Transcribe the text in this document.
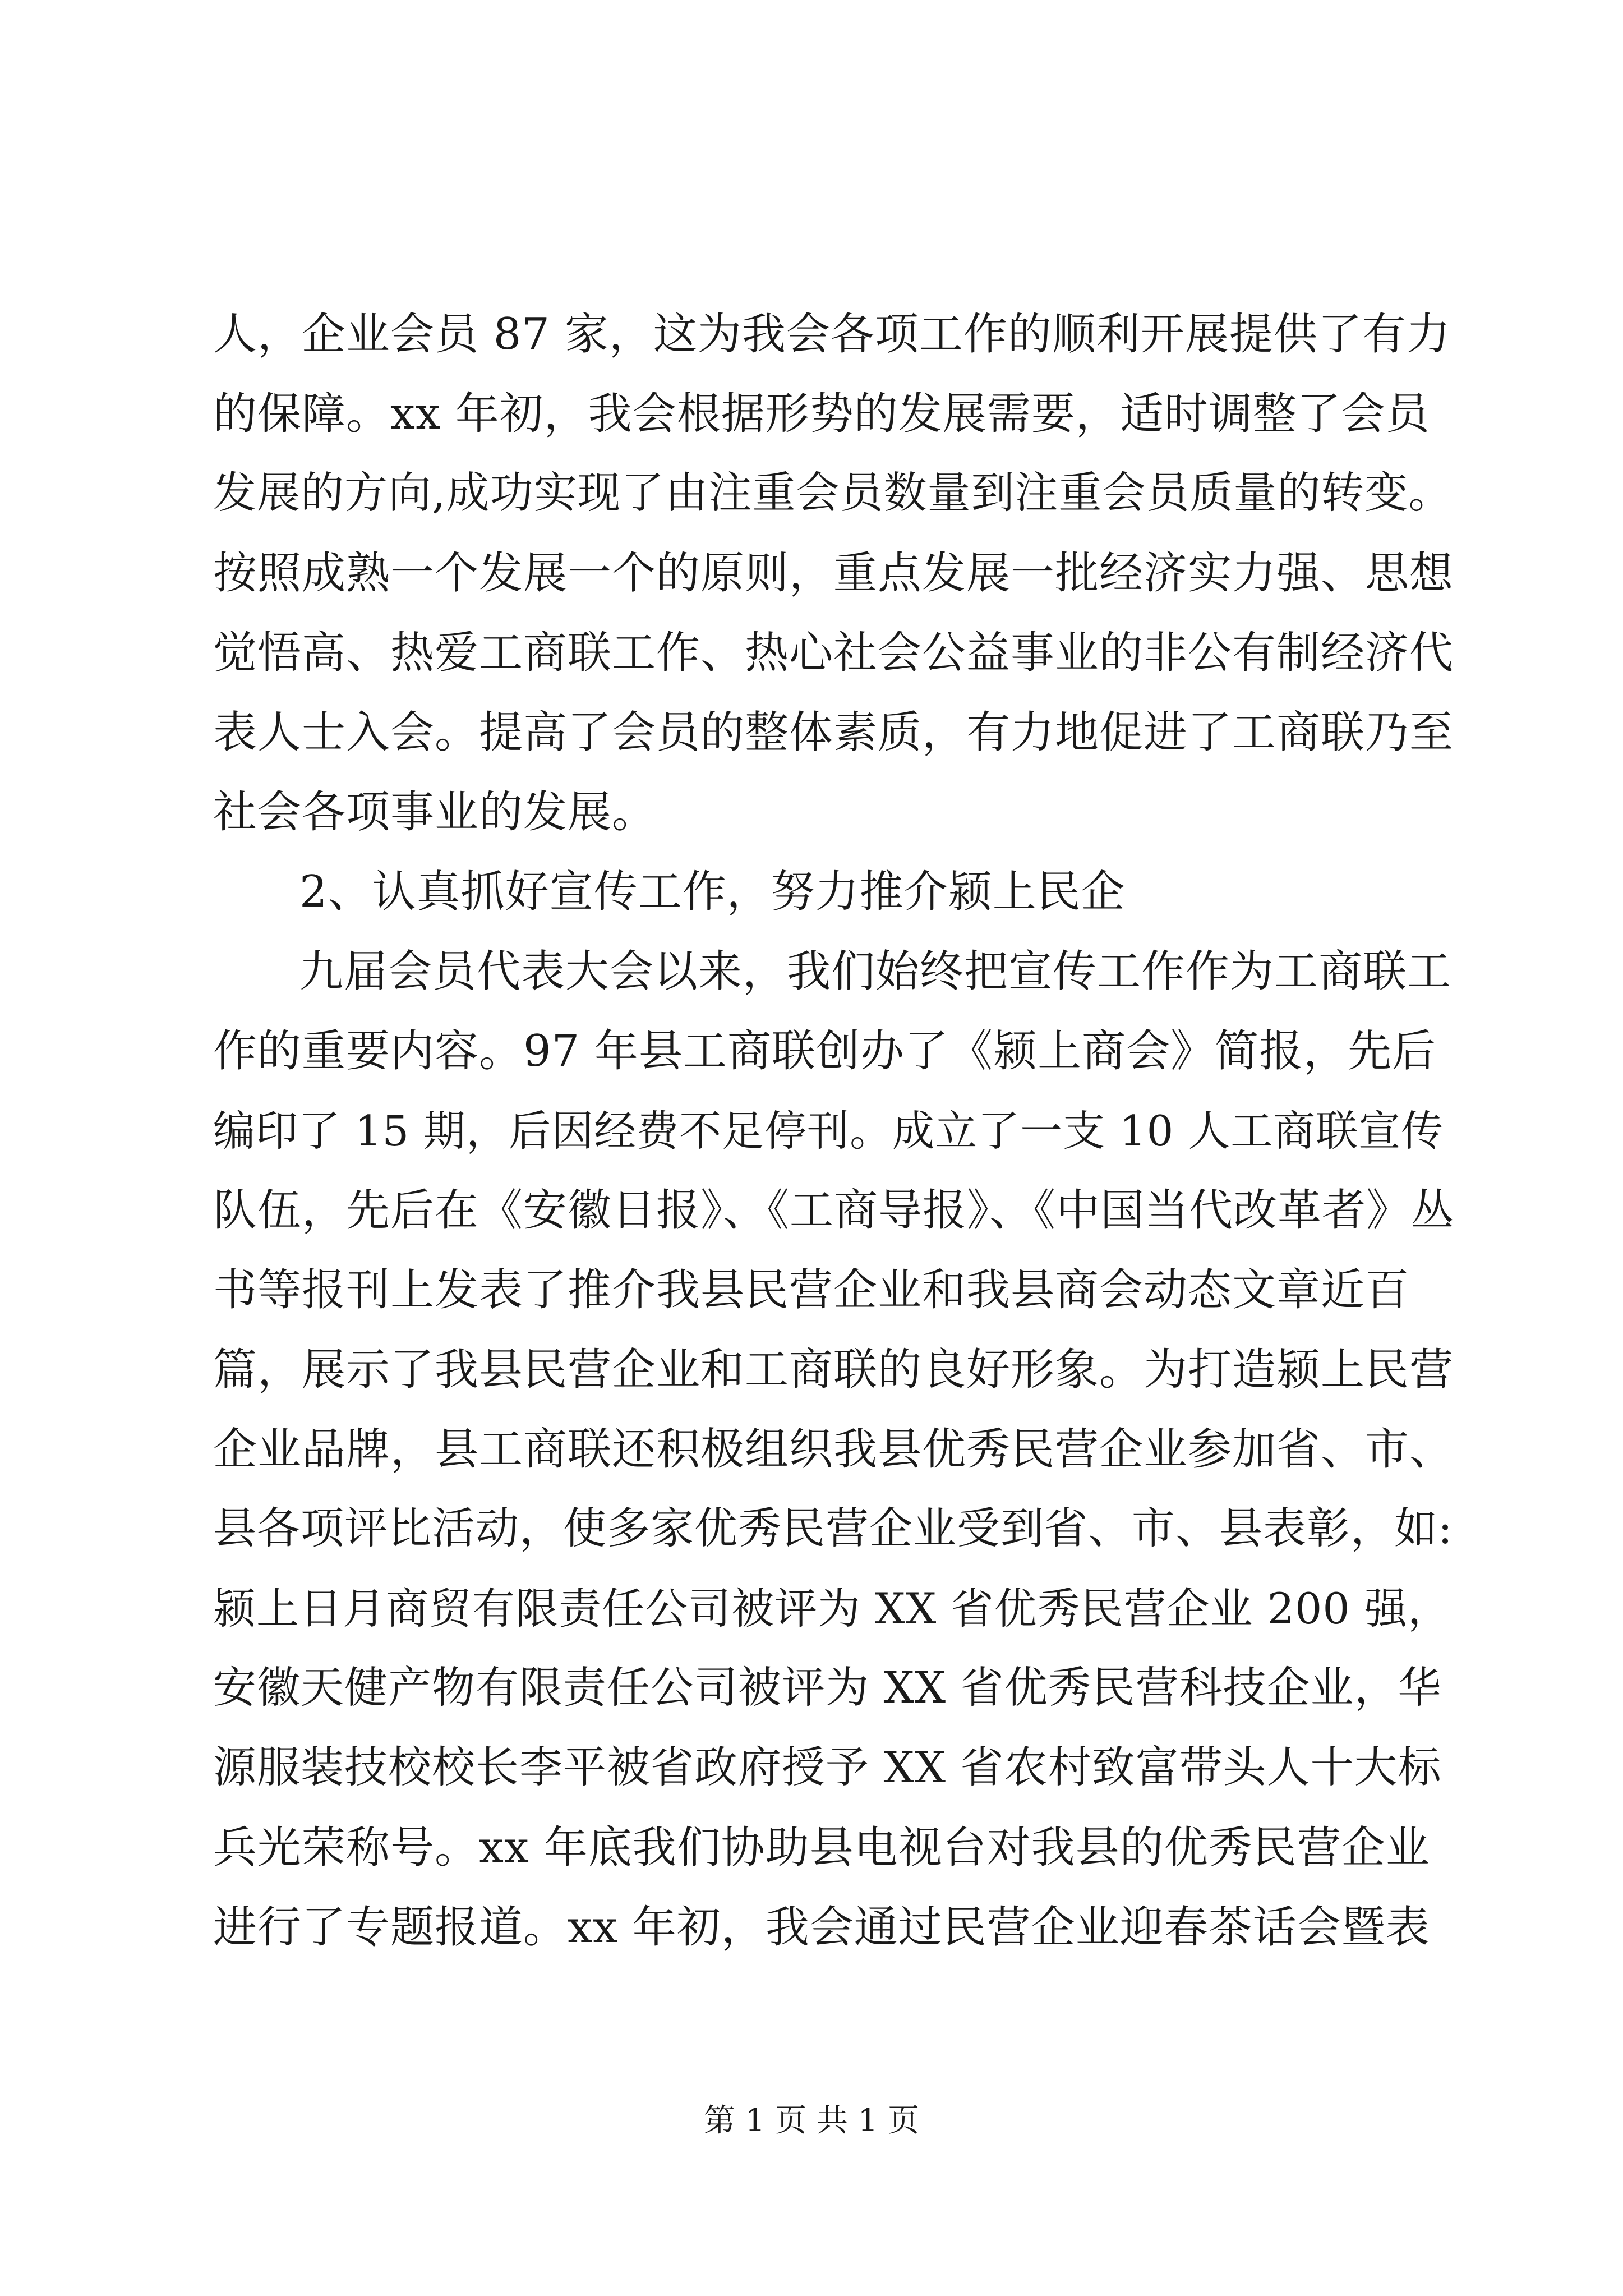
人，企业会员 87 家，这为我会各项工作的顺利开展提供了有力
的保障。xx 年初，我会根据形势的发展需要，适时调整了会员
发展的方向,成功实现了由注重会员数量到注重会员质量的转变。
按照成熟一个发展一个的原则，重点发展一批经济实力强、思想
觉悟高、热爱工商联工作、热心社会公益事业的非公有制经济代
表人士入会。提高了会员的整体素质，有力地促进了工商联乃至
社会各项事业的发展。
2、认真抓好宣传工作，努力推介颍上民企
九届会员代表大会以来，我们始终把宣传工作作为工商联工
作的重要内容。97 年县工商联创办了《颍上商会》简报，先后
编印了 15 期，后因经费不足停刊。成立了一支 10 人工商联宣传
队伍，先后在《安徽日报》、《工商导报》、《中国当代改革者》丛
书等报刊上发表了推介我县民营企业和我县商会动态文章近百
篇，展示了我县民营企业和工商联的良好形象。为打造颍上民营
企业品牌，县工商联还积极组织我县优秀民营企业参加省、市、
县各项评比活动，使多家优秀民营企业受到省、市、县表彰，如:
颍上日月商贸有限责任公司被评为 XX 省优秀民营企业 200 强，
安徽天健产物有限责任公司被评为 XX 省优秀民营科技企业，华
源服装技校校长李平被省政府授予 XX 省农村致富带头人十大标
兵光荣称号。xx 年底我们协助县电视台对我县的优秀民营企业
进行了专题报道。xx 年初，我会通过民营企业迎春茶话会暨表
第 1 页 共 1 页
